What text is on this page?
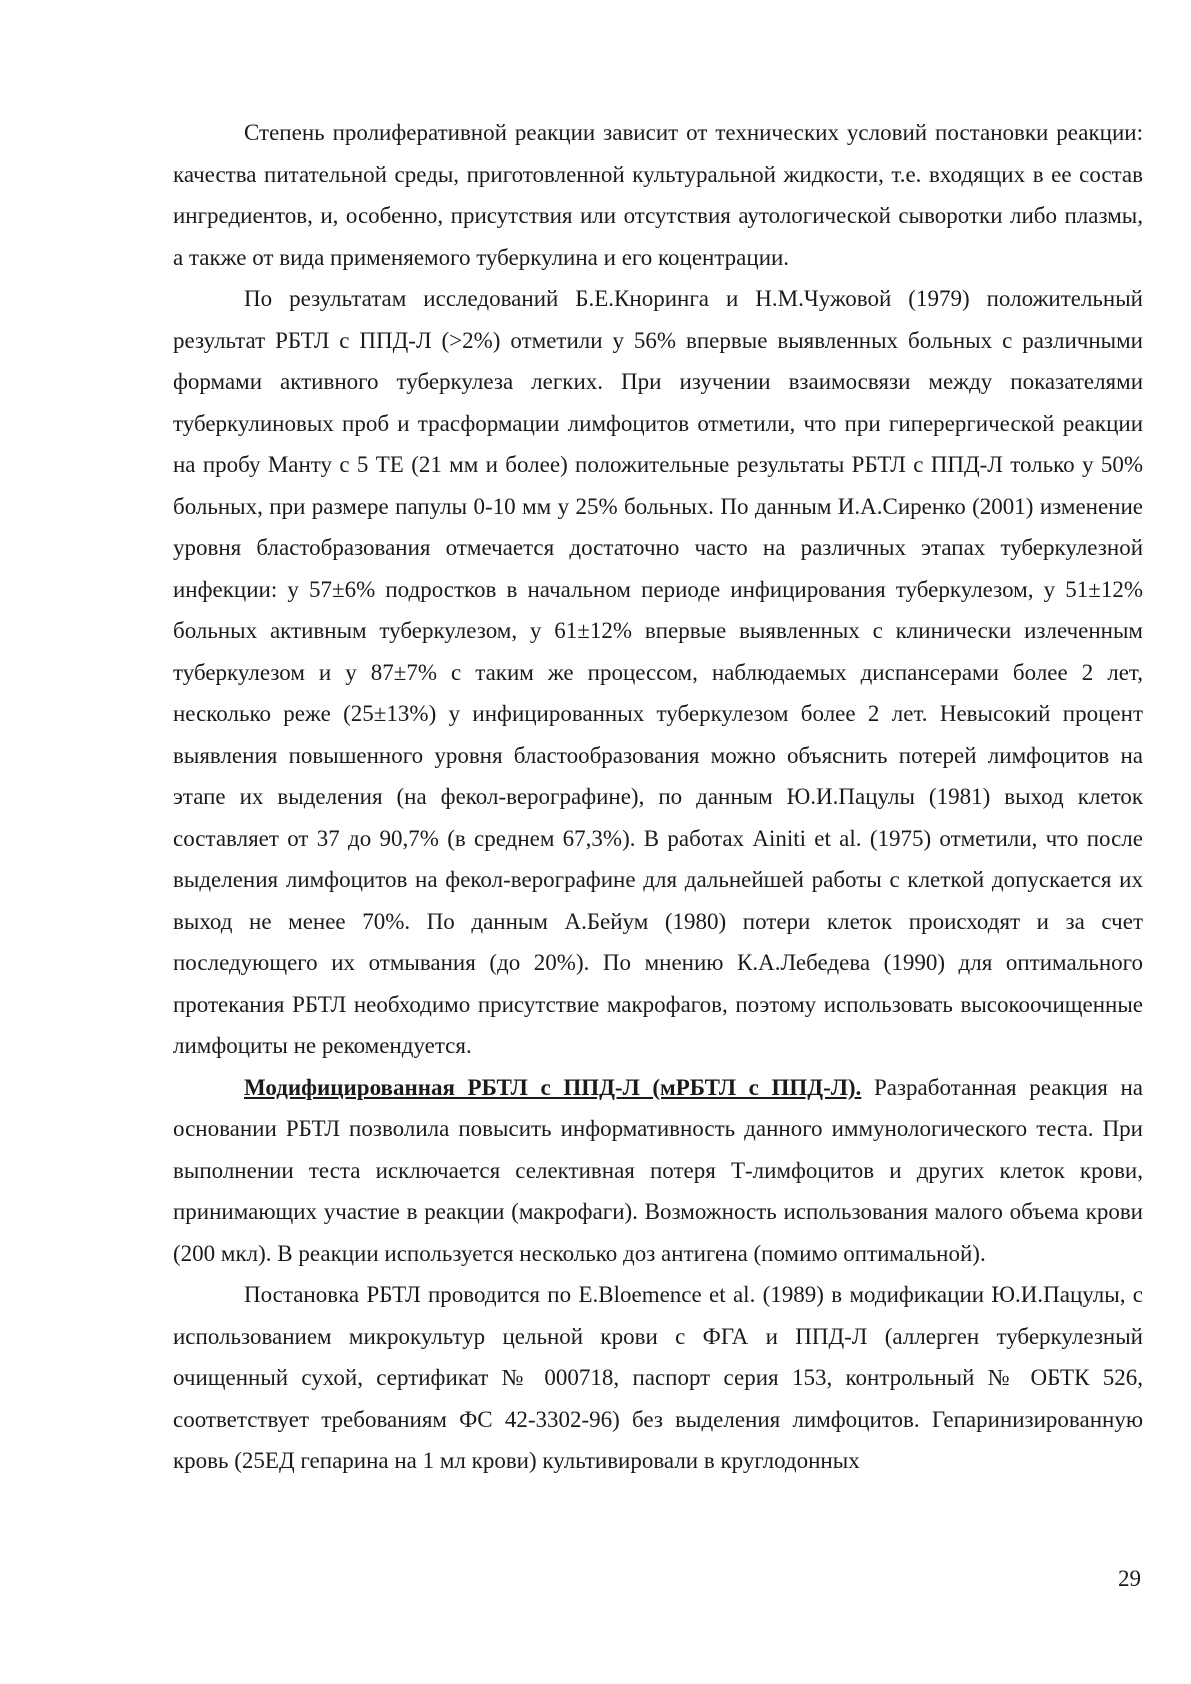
Степень пролиферативной реакции зависит от технических условий постановки реакции: качества питательной среды, приготовленной культуральной жидкости, т.е. входящих в ее состав ингредиентов, и, особенно, присутствия или отсутствия аутологической сыворотки либо плазмы, а также от вида применяемого туберкулина и его коцентрации.

По результатам исследований Б.Е.Кноринга и Н.М.Чужовой (1979) положительный результат РБТЛ с ППД-Л (>2%) отметили у 56% впервые выявленных больных с различными формами активного туберкулеза легких. При изучении взаимосвязи между показателями туберкулиновых проб и трасформации лимфоцитов отметили, что при гиперергической реакции на пробу Манту с 5 ТЕ (21 мм и более) положительные результаты РБТЛ с ППД-Л только у 50% больных, при размере папулы 0-10 мм у 25% больных. По данным И.А.Сиренко (2001) изменение уровня бластобразования отмечается достаточно часто на различных этапах туберкулезной инфекции: у 57±6% подростков в начальном периоде инфицирования туберкулезом, у 51±12% больных активным туберкулезом, у 61±12% впервые выявленных с клинически излеченным туберкулезом и у 87±7% с таким же процессом, наблюдаемых диспансерами более 2 лет, несколько реже (25±13%) у инфицированных туберкулезом более 2 лет. Невысокий процент выявления повышенного уровня бластообразования можно объяснить потерей лимфоцитов на этапе их выделения (на фекол-верографине), по данным Ю.И.Пацулы (1981) выход клеток составляет от 37 до 90,7% (в среднем 67,3%). В работах Ainiti et al. (1975) отметили, что после выделения лимфоцитов на фекол-верографине для дальнейшей работы с клеткой допускается их выход не менее 70%. По данным А.Бейум (1980) потери клеток происходят и за счет последующего их отмывания (до 20%). По мнению К.А.Лебедева (1990) для оптимального протекания РБТЛ необходимо присутствие макрофагов, поэтому использовать высокоочищенные лимфоциты не рекомендуется.

Модифицированная РБТЛ с ППД-Л (мРБТЛ с ППД-Л). Разработанная реакция на основании РБТЛ позволила повысить информативность данного иммунологического теста. При выполнении теста исключается селективная потеря Т-лимфоцитов и других клеток крови, принимающих участие в реакции (макрофаги). Возможность использования малого объема крови (200 мкл). В реакции используется несколько доз антигена (помимо оптимальной).

Постановка РБТЛ проводится по E.Bloemence et al. (1989) в модификации Ю.И.Пацулы, с использованием микрокультур цельной крови с ФГА и ППД-Л (аллерген туберкулезный очищенный сухой, сертификат № 000718, паспорт серия 153, контрольный № ОБТК 526, соответствует требованиям ФС 42-3302-96) без выделения лимфоцитов. Гепаринизированную кровь (25ЕД гепарина на 1 мл крови) культивировали в круглодонных

29
